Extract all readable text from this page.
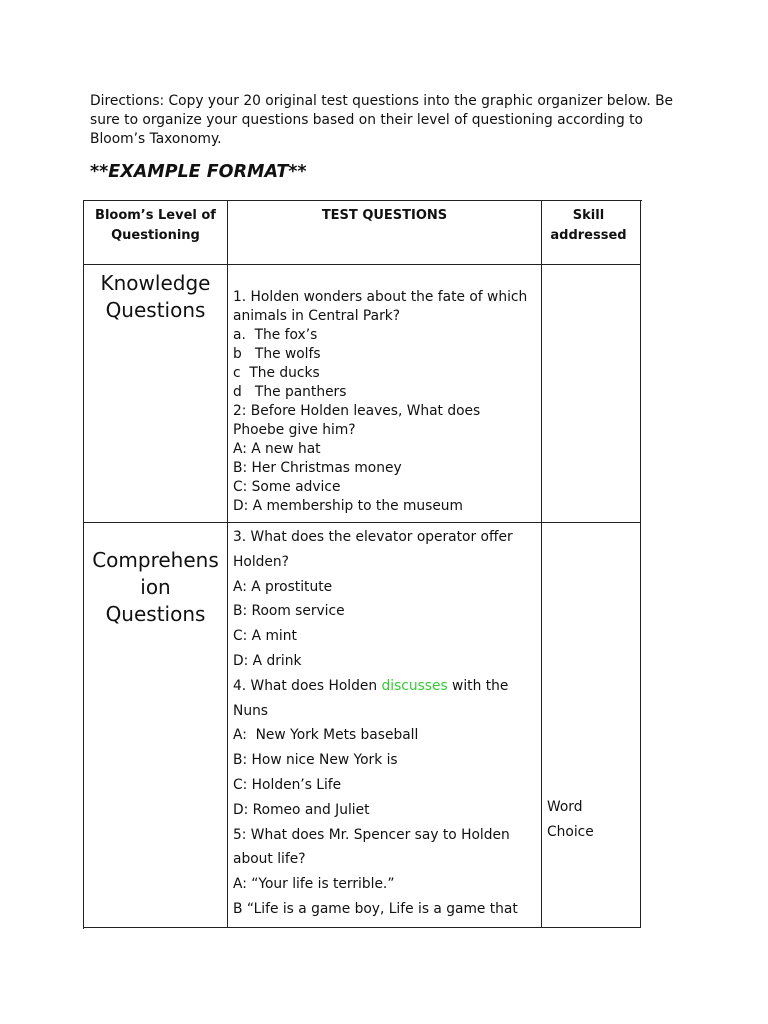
Directions: Copy your 20 original test questions into the graphic organizer below. Be sure to organize your questions based on their level of questioning according to Bloom’s Taxonomy.

**EXAMPLE FORMAT**
Bloom’s Level of Questioning
TEST QUESTIONS	Skill addressed
Knowledge Questions
1. Holden wonders about the fate of which animals in Central Park?
a.  The fox’s
b   The wolfs
c  The ducks
d   The panthers
2: Before Holden leaves, What does Phoebe give him?
A: A new hat
B: Her Christmas money
C: Some advice
D: A membership to the museum
Comprehension Questions
3. What does the elevator operator offer Holden?
A: A prostitute
B: Room service
C: A mint
D: A drink
4. What does Holden discusses with the Nuns
A:  New York Mets baseball
B: How nice New York is
C: Holden’s Life
D: Romeo and Juliet
5: What does Mr. Spencer say to Holden about life?
A: “Your life is terrible.”
B “Life is a game boy, Life is a game that
Word Choice
